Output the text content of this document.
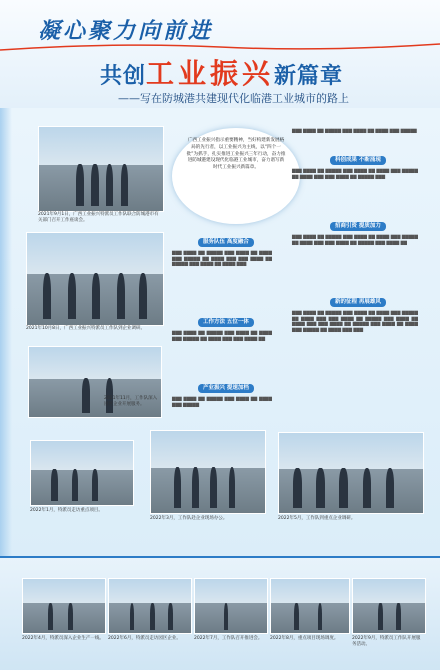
凝心聚力向前进
共创工业振兴新篇章
——写在防城港共建现代化临港工业城市的路上
2021年9月1日，广西工业振兴特派员工作队联合防城港市有关部门召开工作座谈会。
2021年10月8日，广西工业振兴特派员工作队到企业调研。
2021年11月，工作队深入园区企业开展服务。
2022年1月，特派员走访重点项目。
2022年3月，工作队赴企业现场办公。	2022年5月，工作队到重点企业调研。
广西工业振兴指示重要精神，当好构建新发展格局的先行者，以工业振兴为主线，以“四个一批”为抓手，扎实推进工业振兴三年行动，奋力推进防城港建设现代化临港工业城市，奋力谱写新时代工业振兴新篇章。
服务队伍 高度融合
▇▇▇ ▇▇▇▇ ▇▇ ▇▇▇▇▇ ▇▇▇ ▇▇▇▇ ▇▇ ▇▇▇▇ ▇▇▇ ▇▇▇▇▇ ▇▇ ▇▇▇▇ ▇▇▇ ▇▇▇ ▇▇▇▇ ▇▇ ▇▇▇▇▇ ▇▇▇ ▇▇▇▇ ▇▇ ▇▇▇▇ ▇▇▇
工作方法 五位一体
▇▇▇ ▇▇▇▇ ▇▇ ▇▇▇▇▇ ▇▇▇ ▇▇▇▇ ▇▇ ▇▇▇▇ ▇▇▇ ▇▇▇▇▇ ▇▇ ▇▇▇▇ ▇▇▇ ▇▇▇ ▇▇▇▇ ▇▇
产业振兴 提速加档
▇▇▇ ▇▇▇▇ ▇▇ ▇▇▇▇▇ ▇▇▇ ▇▇▇▇ ▇▇ ▇▇▇▇ ▇▇▇ ▇▇▇▇▇
▇▇▇ ▇▇▇▇ ▇▇ ▇▇▇▇▇ ▇▇▇ ▇▇▇▇ ▇▇ ▇▇▇▇ ▇▇▇ ▇▇▇▇▇
科创成果 不断涌现
▇▇▇ ▇▇▇▇ ▇▇ ▇▇▇▇▇ ▇▇▇ ▇▇▇▇ ▇▇ ▇▇▇▇ ▇▇▇ ▇▇▇▇▇ ▇▇ ▇▇▇▇ ▇▇▇ ▇▇▇ ▇▇▇▇ ▇▇ ▇▇▇▇▇ ▇▇▇
招商引资 提质加力
▇▇▇ ▇▇▇▇ ▇▇ ▇▇▇▇▇ ▇▇▇ ▇▇▇▇ ▇▇ ▇▇▇▇ ▇▇▇ ▇▇▇▇▇ ▇▇ ▇▇▇▇ ▇▇▇ ▇▇▇ ▇▇▇▇ ▇▇ ▇▇▇▇▇ ▇▇▇ ▇▇▇▇ ▇▇
新的征程 再展雄风
▇▇▇ ▇▇▇▇ ▇▇ ▇▇▇▇▇ ▇▇▇ ▇▇▇▇ ▇▇ ▇▇▇▇ ▇▇▇ ▇▇▇▇▇ ▇▇ ▇▇▇▇ ▇▇▇ ▇▇▇ ▇▇▇▇ ▇▇ ▇▇▇▇▇ ▇▇▇ ▇▇▇▇ ▇▇ ▇▇▇▇ ▇▇▇ ▇▇▇ ▇▇▇▇ ▇▇ ▇▇▇▇▇ ▇▇▇ ▇▇▇▇ ▇▇ ▇▇▇▇ ▇▇▇ ▇▇▇▇▇ ▇▇ ▇▇▇▇ ▇▇▇ ▇▇▇
2022年4月，特派员深入企业生产一线。 2022年6月，特派员走访园区企业。	2022年7月，工作队召开推进会。	2022年8月，重点项目现场调度。	2022年9月，特派员工作队开展服务活动。
